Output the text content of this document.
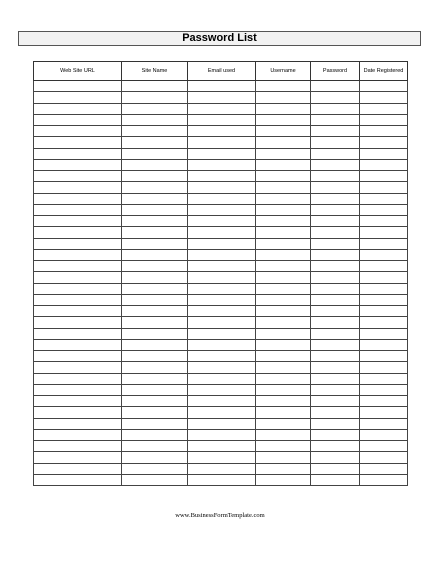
Password List
Web Site URL	Site Name	Email used	Username	Password	Date Registered

www.BusinessFormTemplate.com
